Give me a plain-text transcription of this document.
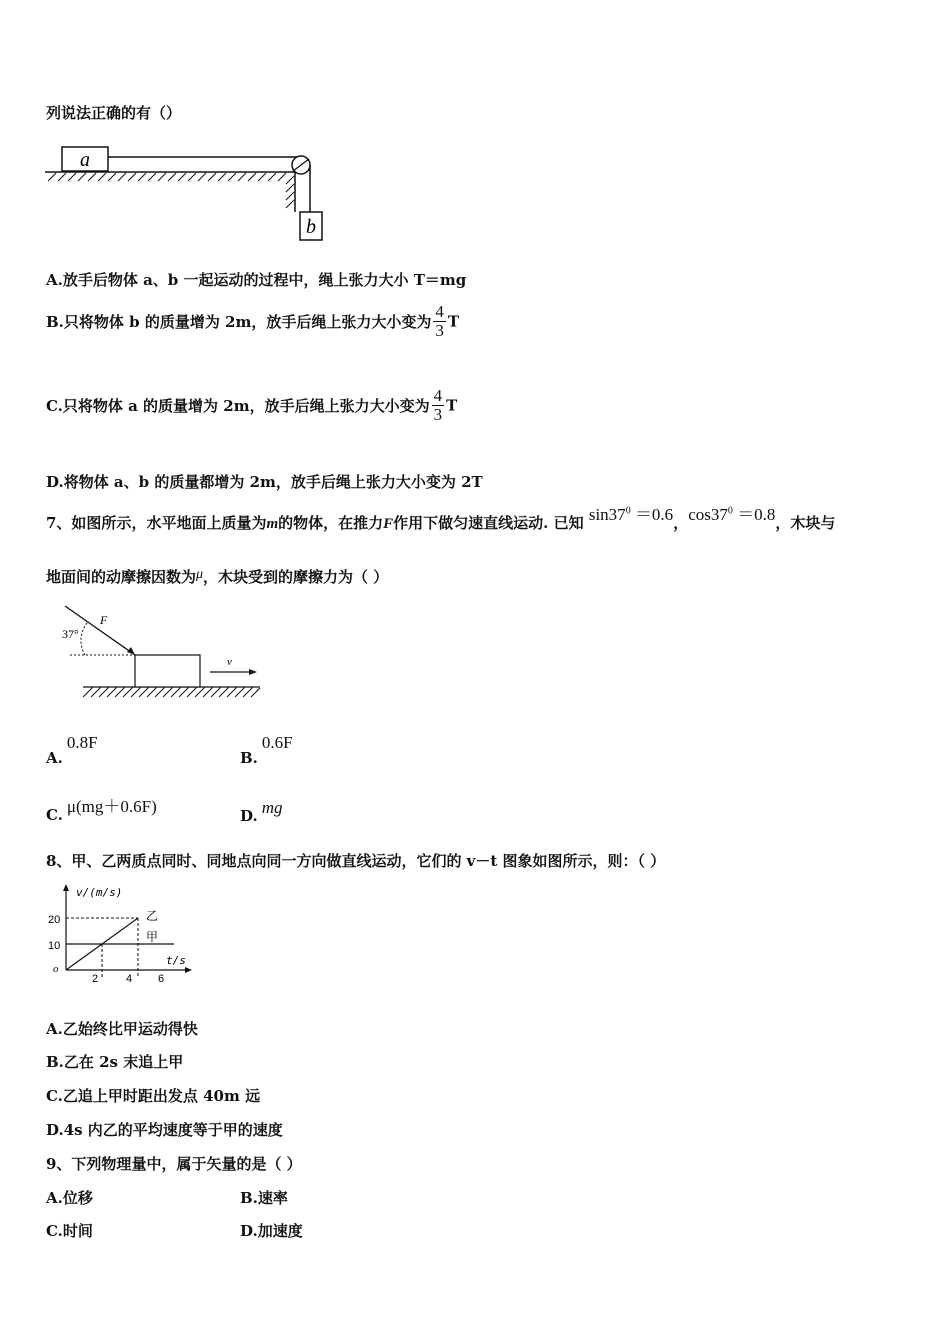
列说法正确的有（）
a
b
A.放手后物体 a、b 一起运动的过程中，绳上张力大小 T＝mg
B.只将物体 b 的质量增为 2m，放手后绳上张力大小变为 $\frac{4}{3}$ T
C.只将物体 a 的质量增为 2m，放手后绳上张力大小变为 $\frac{4}{3}$ T
D.将物体 a、b 的质量都增为 2m，放手后绳上张力大小变为 2T
7、如图所示，水平地面上质量为m的物体，在推力F作用下做匀速直线运动. 已知 $\sin 37^0 =0.6$，$\cos 37^0 =0.8$，木块与
地面间的动摩擦因数为μ，木块受到的摩擦力为（ ）
37°
F
v
A.0.8F
B.0.6F
C. μ(mg＋0.6F)	D. mg
8、甲、乙两质点同时、同地点向同一方向做直线运动，它们的 v－t 图象如图所示，则：（ ）
v/(m/s)
t/s
o
20
10
2	4 6
乙
甲
A.乙始终比甲运动得快
B.乙在 2s 末追上甲
C.乙追上甲时距出发点 40m 远
D.4s 内乙的平均速度等于甲的速度
9、下列物理量中，属于矢量的是（ ）
A.位移	B.速率
C.时间	D.加速度
